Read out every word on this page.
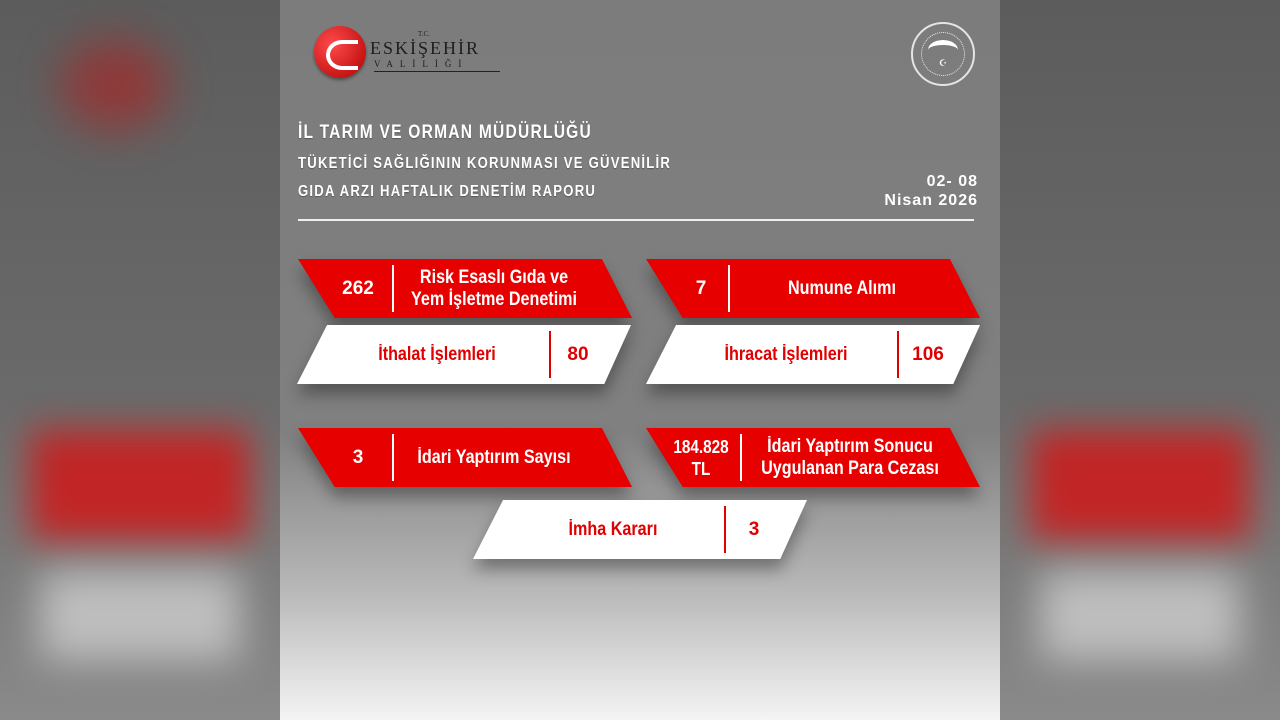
T.C.
ESKİŞEHİR
VALİLİĞİ	☪
İL TARIM VE ORMAN MÜDÜRLÜĞÜ
TÜKETİCİ SAĞLIĞININ KORUNMASI VE GÜVENİLİR
GIDA ARZI HAFTALIK DENETİM RAPORU
02- 08
Nisan 2026
262
Risk Esaslı Gıda ve Yem İşletme Denetimi
7	Numune Alımı
İthalat İşlemleri	80	İhracat İşlemleri	106
3	İdari Yaptırım Sayısı	184.828 TL
İdari Yaptırım Sonucu Uygulanan Para Cezası
İmha Kararı	3
